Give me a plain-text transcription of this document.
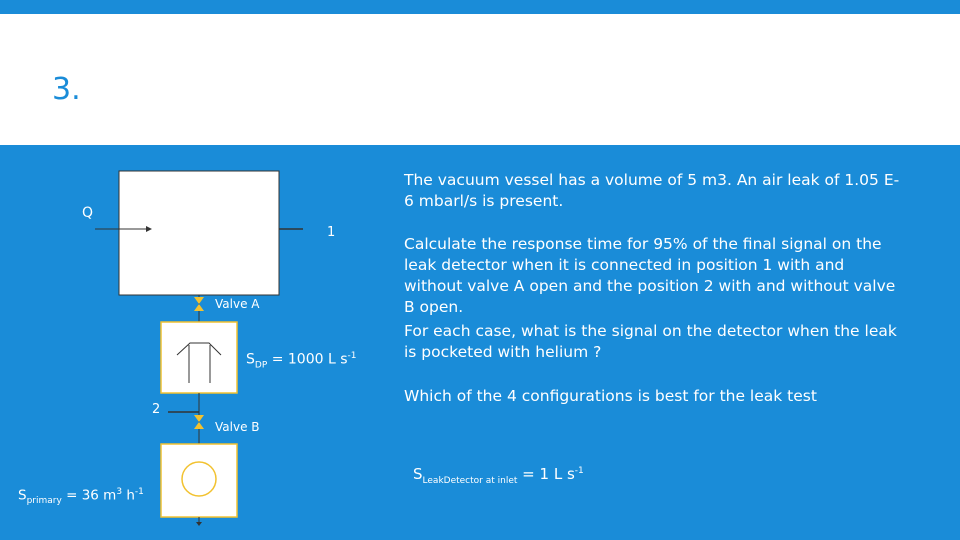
3.
Q
1
Valve A
$S_{DP} = 1000$ L $s^{-1}$
2
Valve B
$S_{primary} = 36$ $m^3$ $h^{-1}$
The vacuum vessel has a volume of 5 m3. An air leak of 1.05 E-6 mbarl/s is present.
Calculate the response time for 95% of the final signal on the leak detector when it is connected in position 1 with and without valve A open and the position 2 with and without valve B open.
For each case, what is the signal on the detector when the leak is pocketed with helium ?
Which of the 4 configurations is best for the leak test
$S_{LeakDetector at inlet} = 1$ L $s^{-1}$
